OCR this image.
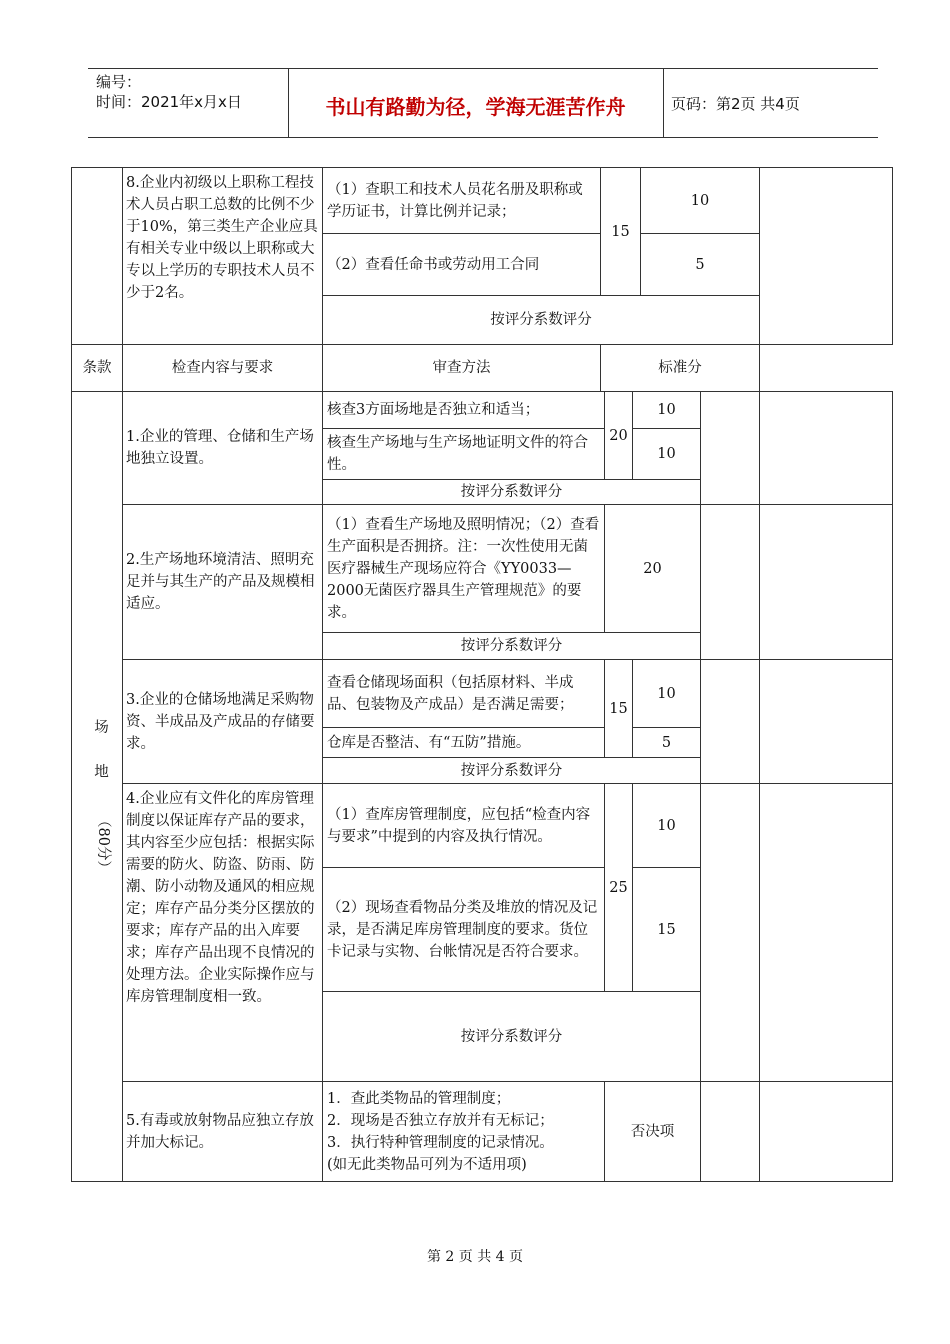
编号：
时间：2021年x月x日	书山有路勤为径，学海无涯苦作舟	页码：第2页 共4页
	8.企业内初级以上职称工程技术人员占职工总数的比例不少于10%，第三类生产企业应具有相关专业中级以上职称或大专以上学历的专职技术人员不少于2名。	（1）查职工和技术人员花名册及职称或学历证书，计算比例并记录；	15	10		
		（2）查看任命书或劳动用工合同		5		
		按评分系数评分				
条款	检查内容与要求	审查方法	标准分		
场地
（80分）	1.企业的管理、仓储和生产场地独立设置。	核查3方面场地是否独立和适当；	20	10		
		核查生产场地与生产场地证明文件的符合性。		10		
		按评分系数评分				
	2.生产场地环境清洁、照明充足并与其生产的产品及规模相适应。	（1）查看生产场地及照明情况；（2）查看生产面积是否拥挤。注：一次性使用无菌医疗器械生产现场应符合《YY0033—2000无菌医疗器具生产管理规范》的要求。	20			
		按评分系数评分				
	3.企业的仓储场地满足采购物资、半成品及产成品的存储要求。	查看仓储现场面积（包括原材料、半成品、包装物及产成品）是否满足需要；	15	10		
		仓库是否整洁、有“五防”措施。		5		
		按评分系数评分				
	4.企业应有文件化的库房管理制度以保证库存产品的要求，其内容至少应包括：根据实际需要的防火、防盗、防雨、防潮、防小动物及通风的相应规定；库存产品分类分区摆放的要求；库存产品的出入库要求；库存产品出现不良情况的处理方法。企业实际操作应与库房管理制度相一致。	（1）查库房管理制度，应包括“检查内容与要求”中提到的内容及执行情况。	25	10		
		（2）现场查看物品分类及堆放的情况及记录，是否满足库房管理制度的要求。货位卡记录与实物、台帐情况是否符合要求。		15		
		按评分系数评分				
	5.有毒或放射物品应独立存放并加大标记。	1．查此类物品的管理制度；
2．现场是否独立存放并有无标记；
3．执行特种管理制度的记录情况。
(如无此类物品可列为不适用项)	否决项			
第 2 页 共 4 页
